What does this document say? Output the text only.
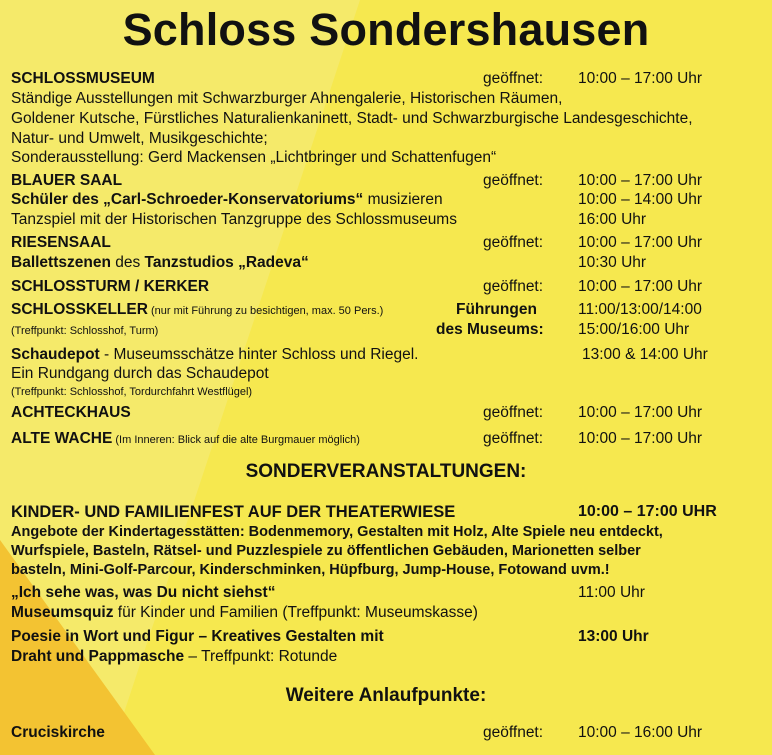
Schloss Sondershausen
SCHLOSSMUSEUM	geöffnet: 10:00 – 17:00 Uhr
Ständige Ausstellungen mit Schwarzburger Ahnengalerie, Historischen Räumen,
Goldener Kutsche, Fürstliches Naturalienkaninett, Stadt- und Schwarzburgische Landesgeschichte,
Natur- und Umwelt, Musikgeschichte;
Sonderausstellung: Gerd Mackensen „Lichtbringer und Schattenfugen“
BLAUER SAAL	geöffnet: 10:00 – 17:00 Uhr
Schüler des „Carl-Schroeder-Konservatoriums“ musizieren	10:00 – 14:00 Uhr
Tanzspiel mit der Historischen Tanzgruppe des Schlossmuseums	16:00 Uhr
RIESENSAAL	geöffnet: 10:00 – 17:00 Uhr
Ballettszenen des Tanzstudios „Radeva“	10:30 Uhr
SCHLOSSTURM / KERKER	geöffnet: 10:00 – 17:00 Uhr
SCHLOSSKELLER (nur mit Führung zu besichtigen, max. 50 Pers.)	Führungen	11:00/13:00/14:00
(Treffpunkt: Schlosshof, Turm)	des Museums: 15:00/16:00 Uhr
Schaudepot - Museumsschätze hinter Schloss und Riegel.	13:00 & 14:00 Uhr
Ein Rundgang durch das Schaudepot
(Treffpunkt: Schlosshof, Tordurchfahrt Westflügel)
ACHTECKHAUS	geöffnet: 10:00 – 17:00 Uhr
ALTE WACHE (Im Inneren: Blick auf die alte Burgmauer möglich)	geöffnet: 10:00 – 17:00 Uhr
SONDERVERANSTALTUNGEN:
KINDER- UND FAMILIENFEST AUF DER THEATERWIESE	10:00 – 17:00 UHR
Angebote der Kindertagesstätten: Bodenmemory, Gestalten mit Holz, Alte Spiele neu entdeckt,
Wurfspiele, Basteln, Rätsel- und Puzzlespiele zu öffentlichen Gebäuden, Marionetten selber
basteln, Mini-Golf-Parcour, Kinderschminken, Hüpfburg, Jump-House, Fotowand uvm.!
„Ich sehe was, was Du nicht siehst“	11:00 Uhr
Museumsquiz für Kinder und Familien (Treffpunkt: Museumskasse)
Poesie in Wort und Figur – Kreatives Gestalten mit	13:00 Uhr
Draht und Pappmasche – Treffpunkt: Rotunde
Weitere Anlaufpunkte:
Cruciskirche	geöffnet: 10:00 – 16:00 Uhr
